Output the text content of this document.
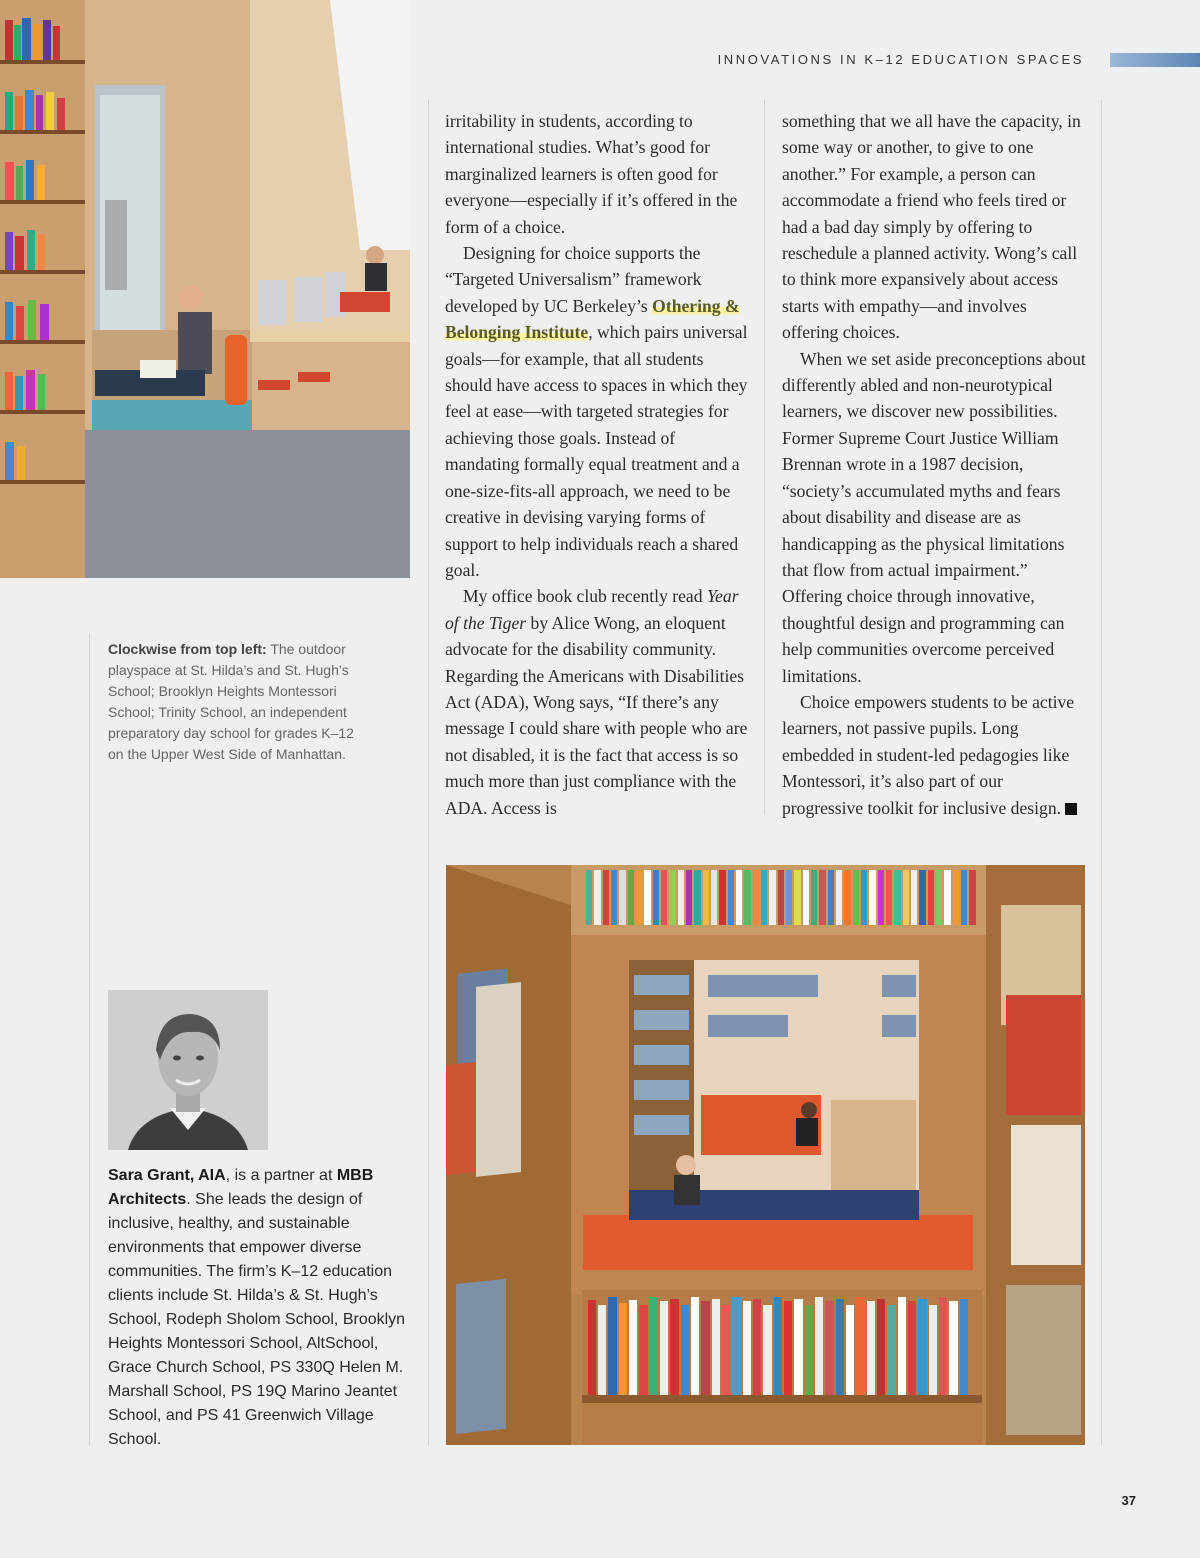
INNOVATIONS IN K–12 EDUCATION SPACES
Clockwise from top left: The outdoor playspace at St. Hilda’s and St. Hugh’s School; Brooklyn Heights Montessori School; Trinity School, an independent preparatory day school for grades K–12 on the Upper West Side of Manhattan.

irritability in students, according to international studies. What’s good for marginalized learners is often good for everyone—especially if it’s offered in the form of a choice.

Designing for choice supports the “Targeted Universalism” framework developed by UC Berkeley’s Othering & Belonging Institute, which pairs universal goals—for example, that all students should have access to spaces in which they feel at ease—with targeted strategies for achieving those goals. Instead of mandating formally equal treatment and a one-size-fits-all approach, we need to be creative in devising varying forms of support to help individuals reach a shared goal.

My office book club recently read Year of the Tiger by Alice Wong, an eloquent advocate for the disability community. Regarding the Americans with Disabilities Act (ADA), Wong says, “If there’s any message I could share with people who are not disabled, it is the fact that access is so much more than just compliance with the ADA. Access is

something that we all have the capacity, in some way or another, to give to one another.” For example, a person can accommodate a friend who feels tired or had a bad day simply by offering to reschedule a planned activity. Wong’s call to think more expansively about access starts with empathy—and involves offering choices.

When we set aside preconceptions about differently abled and non-neurotypical learners, we discover new possibilities. Former Supreme Court Justice William Brennan wrote in a 1987 decision, “society’s accumulated myths and fears about disability and disease are as handicapping as the physical limitations that flow from actual impairment.” Offering choice through innovative, thoughtful design and programming can help communities overcome perceived limitations.

Choice empowers students to be active learners, not passive pupils. Long embedded in student-led pedagogies like Montessori, it’s also part of our progressive toolkit for inclusive design.

Sara Grant, AIA, is a partner at MBB Architects. She leads the design of inclusive, healthy, and sustainable environments that empower diverse communities. The firm’s K–12 education clients include St. Hilda’s & St. Hugh’s School, Rodeph Sholom School, Brooklyn Heights Montessori School, AltSchool, Grace Church School, PS 330Q Helen M. Marshall School, PS 19Q Marino Jeantet School, and PS 41 Greenwich Village School.
37
